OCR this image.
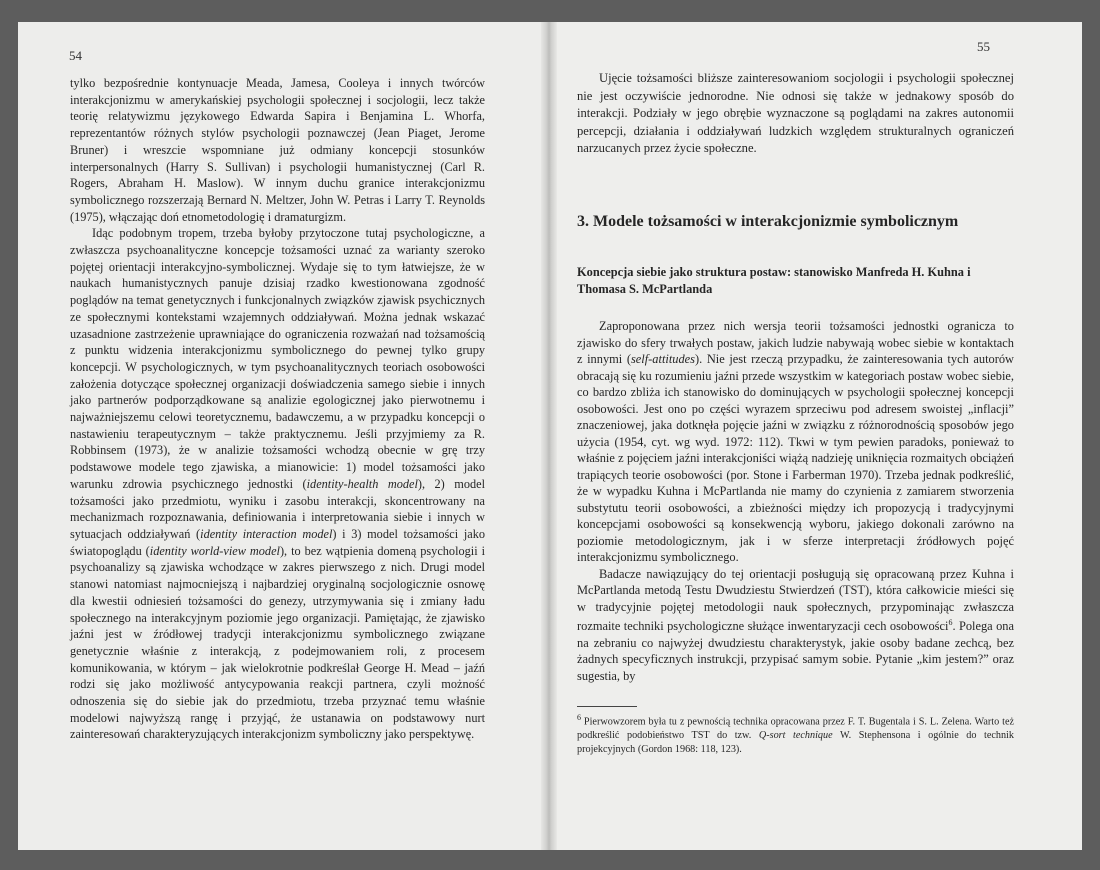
54
55

tylko bezpośrednie kontynuacje Meada, Jamesa, Cooleya i innych twórców interakcjonizmu w amerykańskiej psychologii społecznej i socjologii, lecz także teorię relatywizmu językowego Edwarda Sapira i Benjamina L. Whorfa, reprezentantów różnych stylów psychologii poznawczej (Jean Piaget, Jerome Bruner) i wreszcie wspomniane już odmiany koncepcji stosunków interpersonalnych (Harry S. Sullivan) i psychologii humanistycznej (Carl R. Rogers, Abraham H. Maslow). W innym duchu granice interakcjonizmu symbolicznego rozszerzają Bernard N. Meltzer, John W. Petras i Larry T. Reynolds (1975), włączając doń etnometodologię i dramaturgizm.

Idąc podobnym tropem, trzeba byłoby przytoczone tutaj psychologiczne, a zwłaszcza psychoanalityczne koncepcje tożsamości uznać za warianty szeroko pojętej orientacji interakcyjno-symbolicznej. Wydaje się to tym łatwiejsze, że w naukach humanistycznych panuje dzisiaj rzadko kwestionowana zgodność poglądów na temat genetycznych i funkcjonalnych związków zjawisk psychicznych ze społecznymi kontekstami wzajemnych oddziaływań. Można jednak wskazać uzasadnione zastrzeżenie uprawniające do ograniczenia rozważań nad tożsamością z punktu widzenia interakcjonizmu symbolicznego do pewnej tylko grupy koncepcji. W psychologicznych, w tym psychoanalitycznych teoriach osobowości założenia dotyczące społecznej organizacji doświadczenia samego siebie i innych jako partnerów podporządkowane są analizie egologicznej jako pierwotnemu i najważniejszemu celowi teoretycznemu, badawczemu, a w przypadku koncepcji o nastawieniu terapeutycznym – także praktycznemu. Jeśli przyjmiemy za R. Robbinsem (1973), że w analizie tożsamości wchodzą obecnie w grę trzy podstawowe modele tego zjawiska, a mianowicie: 1) model tożsamości jako warunku zdrowia psychicznego jednostki (identity-health model), 2) model tożsamości jako przedmiotu, wyniku i zasobu interakcji, skoncentrowany na mechanizmach rozpoznawania, definiowania i interpretowania siebie i innych w sytuacjach oddziaływań (identity interaction model) i 3) model tożsamości jako światopoglądu (identity world-view model), to bez wątpienia domeną psychologii i psychoanalizy są zjawiska wchodzące w zakres pierwszego z nich. Drugi model stanowi natomiast najmocniejszą i najbardziej oryginalną socjologicznie osnowę dla kwestii odniesień tożsamości do genezy, utrzymywania się i zmiany ładu społecznego na interakcyjnym poziomie jego organizacji. Pamiętając, że zjawisko jaźni jest w źródłowej tradycji interakcjonizmu symbolicznego związane genetycznie właśnie z interakcją, z podejmowaniem roli, z procesem komunikowania, w którym – jak wielokrotnie podkreślał George H. Mead – jaźń rodzi się jako możliwość antycypowania reakcji partnera, czyli możność odnoszenia się do siebie jak do przedmiotu, trzeba przyznać temu właśnie modelowi najwyższą rangę i przyjąć, że ustanawia on podstawowy nurt zainteresowań charakteryzujących interakcjonizm symboliczny jako perspektywę.

Ujęcie tożsamości bliższe zainteresowaniom socjologii i psychologii społecznej nie jest oczywiście jednorodne. Nie odnosi się także w jednakowy sposób do interakcji. Podziały w jego obrębie wyznaczone są poglądami na zakres autonomii percepcji, działania i oddziaływań ludzkich względem strukturalnych ograniczeń narzucanych przez życie społeczne.

3. Modele tożsamości w interakcjonizmie symbolicznym
Koncepcja siebie jako struktura postaw: stanowisko Manfreda H. Kuhna i Thomasa S. McPartlanda

Zaproponowana przez nich wersja teorii tożsamości jednostki ogranicza to zjawisko do sfery trwałych postaw, jakich ludzie nabywają wobec siebie w kontaktach z innymi (self-attitudes). Nie jest rzeczą przypadku, że zainteresowania tych autorów obracają się ku rozumieniu jaźni przede wszystkim w kategoriach postaw wobec siebie, co bardzo zbliża ich stanowisko do dominujących w psychologii społecznej koncepcji osobowości. Jest ono po części wyrazem sprzeciwu pod adresem swoistej „inflacji” znaczeniowej, jaka dotknęła pojęcie jaźni w związku z różnorodnością sposobów jego użycia (1954, cyt. wg wyd. 1972: 112). Tkwi w tym pewien paradoks, ponieważ to właśnie z pojęciem jaźni interakcjoniści wiążą nadzieję uniknięcia rozmaitych obciążeń trapiących teorie osobowości (por. Stone i Farberman 1970). Trzeba jednak podkreślić, że w wypadku Kuhna i McPartlanda nie mamy do czynienia z zamiarem stworzenia substytutu teorii osobowości, a zbieżności między ich propozycją i tradycyjnymi koncepcjami osobowości są konsekwencją wyboru, jakiego dokonali zarówno na poziomie metodologicznym, jak i w sferze interpretacji źródłowych pojęć interakcjonizmu symbolicznego.

Badacze nawiązujący do tej orientacji posługują się opracowaną przez Kuhna i McPartlanda metodą Testu Dwudziestu Stwierdzeń (TST), która całkowicie mieści się w tradycyjnie pojętej metodologii nauk społecznych, przypominając zwłaszcza rozmaite techniki psychologiczne służące inwentaryzacji cech osobowości$^6$. Polega ona na zebraniu co najwyżej dwudziestu charakterystyk, jakie osoby badane zechcą, bez żadnych specyficznych instrukcji, przypisać samym sobie. Pytanie „kim jestem?” oraz sugestia, by

$^6$ Pierwowzorem była tu z pewnością technika opracowana przez F. T. Bugentala i S. L. Zelena. Warto też podkreślić podobieństwo TST do tzw. Q-sort technique W. Stephensona i ogólnie do technik projekcyjnych (Gordon 1968: 118, 123).
